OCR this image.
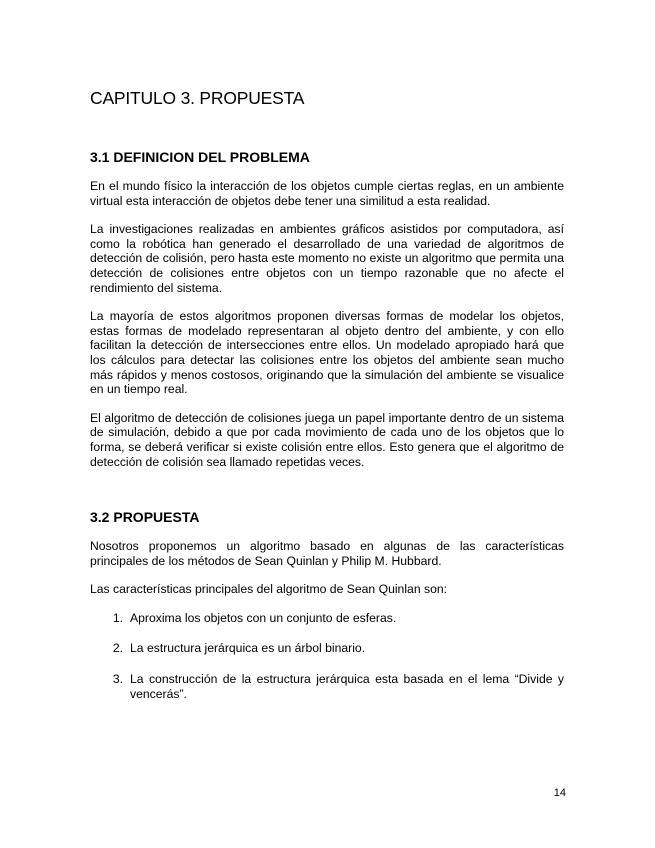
CAPITULO 3. PROPUESTA
3.1 DEFINICION DEL PROBLEMA

En el mundo físico la interacción de los objetos cumple ciertas reglas, en un ambiente virtual esta interacción de objetos debe tener una similitud a esta realidad.

La investigaciones realizadas en ambientes gráficos asistidos por computadora, así como la robótica han generado el desarrollado de una variedad de algoritmos de detección de colisión, pero hasta este momento no existe un algoritmo que permita una detección de colisiones entre objetos con un tiempo razonable que no afecte el rendimiento del sistema.

La mayoría de estos algoritmos proponen diversas formas de modelar los objetos, estas formas de modelado representaran al objeto dentro del ambiente, y con ello facilitan la detección de intersecciones entre ellos. Un modelado apropiado hará que los cálculos para detectar las colisiones entre los objetos del ambiente sean mucho más rápidos y menos costosos, originando que la simulación del ambiente se visualice en un tiempo real.

El algoritmo de detección de colisiones juega un papel importante dentro de un sistema de simulación, debido a que por cada movimiento de cada uno de los objetos que lo forma, se deberá verificar si existe colisión entre ellos. Esto genera que el algoritmo de detección de colisión sea llamado repetidas veces.

3.2 PROPUESTA

Nosotros proponemos un algoritmo basado en algunas de las características principales de los métodos de Sean Quinlan y Philip M. Hubbard.

Las características principales del algoritmo de Sean Quinlan son:

1. Aproxima los objetos con un conjunto de esferas.
2. La estructura jerárquica es un árbol binario.
3. La construcción de la estructura jerárquica esta basada en el lema “Divide y vencerás”.
14
